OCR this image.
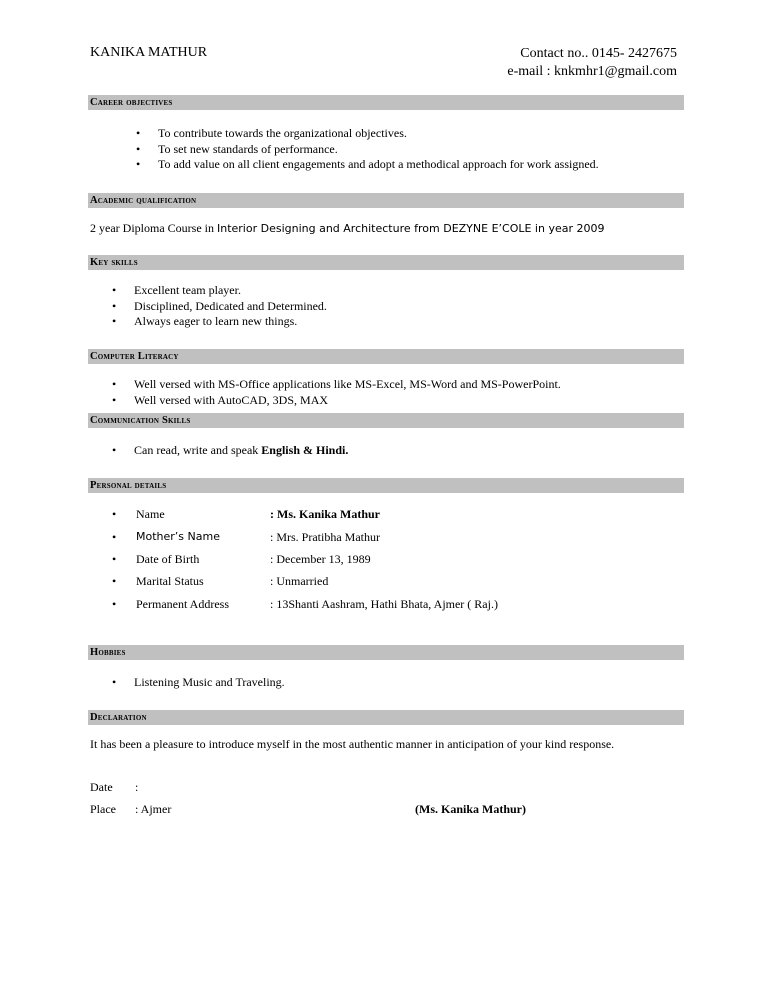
KANIKA MATHUR	Contact no.. 0145- 2427675
e-mail : knkmhr1@gmail.com
Career objectives
• To contribute towards the organizational objectives.
• To set new standards of performance.
• To add value on all client engagements and adopt a methodical approach for work assigned.
Academic qualification
2 year Diploma Course in Interior Designing and Architecture from DEZYNE E’COLE in year 2009
Key skills
• Excellent team player.
• Disciplined, Dedicated and Determined.
• Always eager to learn new things.
Computer Literacy
• Well versed with MS-Office applications like MS-Excel, MS-Word and MS-PowerPoint.
• Well versed with AutoCAD, 3DS, MAX
Communication Skills
• Can read, write and speak English & Hindi.
Personal details
• Name	: Ms. Kanika Mathur
• Mother’s Name	: Mrs. Pratibha Mathur
• Date of Birth	: December 13, 1989
• Marital Status	: Unmarried
• Permanent Address	: 13Shanti Aashram, Hathi Bhata, Ajmer ( Raj.)
Hobbies
• Listening Music and Traveling.
Declaration
It has been a pleasure to introduce myself in the most authentic manner in anticipation of your kind response.
Date :
Place : Ajmer	(Ms. Kanika Mathur)
